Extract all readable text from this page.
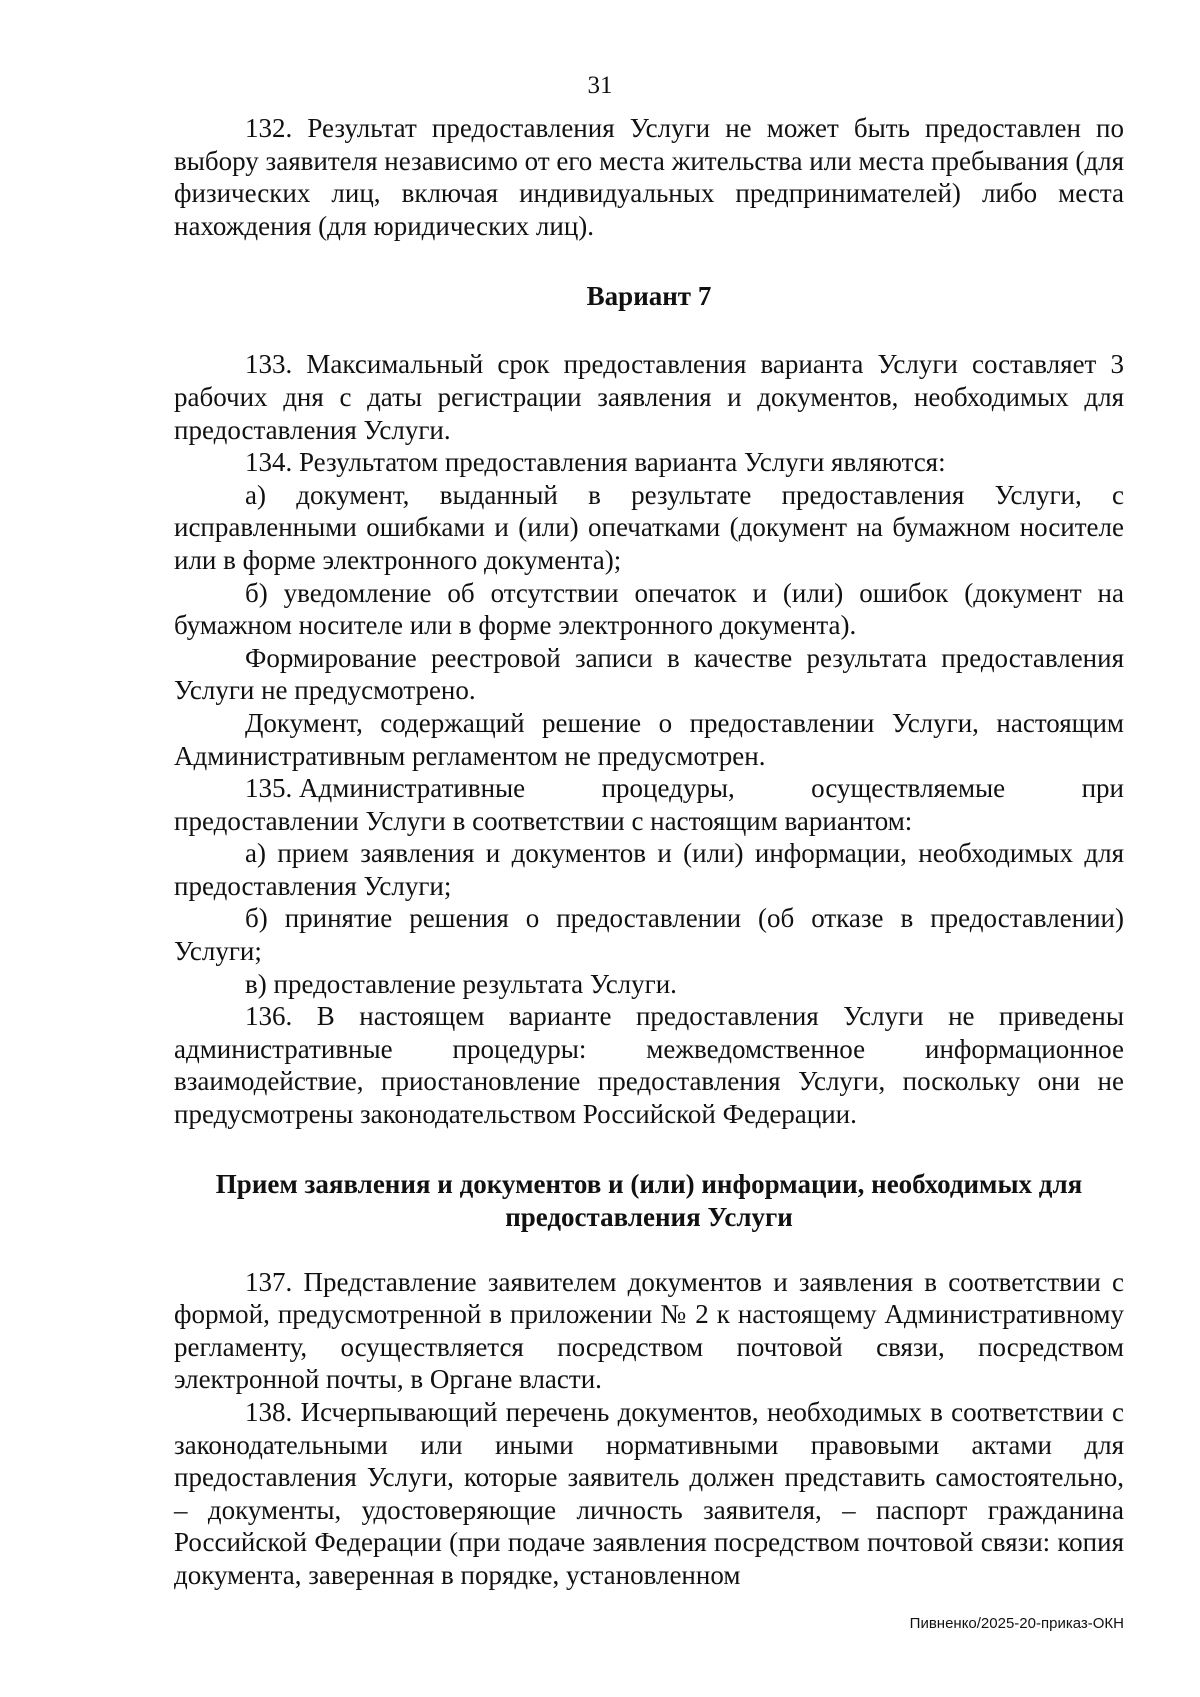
31

132. Результат предоставления Услуги не может быть предоставлен по выбору заявителя независимо от его места жительства или места пребывания (для физических лиц, включая индивидуальных предпринимателей) либо места нахождения (для юридических лиц).

Вариант 7

133. Максимальный срок предоставления варианта Услуги составляет 3 рабочих дня с даты регистрации заявления и документов, необходимых для предоставления Услуги.

134. Результатом предоставления варианта Услуги являются:

а) документ, выданный в результате предоставления Услуги, с исправленными ошибками и (или) опечатками (документ на бумажном носителе или в форме электронного документа);

б) уведомление об отсутствии опечаток и (или) ошибок (документ на бумажном носителе или в форме электронного документа).

Формирование реестровой записи в качестве результата предоставления Услуги не предусмотрено.

Документ, содержащий решение о предоставлении Услуги, настоящим Административным регламентом не предусмотрен.

135. Административные	процедуры,	осуществляемые	при

предоставлении Услуги в соответствии с настоящим вариантом:

а) прием заявления и документов и (или) информации, необходимых для предоставления Услуги;

б) принятие решения о предоставлении (об отказе в предоставлении) Услуги;

в) предоставление результата Услуги.

136. В настоящем варианте предоставления Услуги не приведены административные процедуры: межведомственное информационное взаимодействие, приостановление предоставления Услуги, поскольку они не предусмотрены законодательством Российской Федерации.

Прием заявления и документов и (или) информации, необходимых для
предоставления Услуги

137. Представление заявителем документов и заявления в соответствии с формой, предусмотренной в приложении № 2 к настоящему Административному регламенту, осуществляется посредством почтовой связи, посредством электронной почты, в Органе власти.

138. Исчерпывающий перечень документов, необходимых в соответствии с законодательными или иными нормативными правовыми актами для предоставления Услуги, которые заявитель должен представить самостоятельно, – документы, удостоверяющие личность заявителя, – паспорт гражданина Российской Федерации (при подаче заявления посредством почтовой связи: копия документа, заверенная в порядке, установленном

Пивненко/2025-20-приказ-ОКН
